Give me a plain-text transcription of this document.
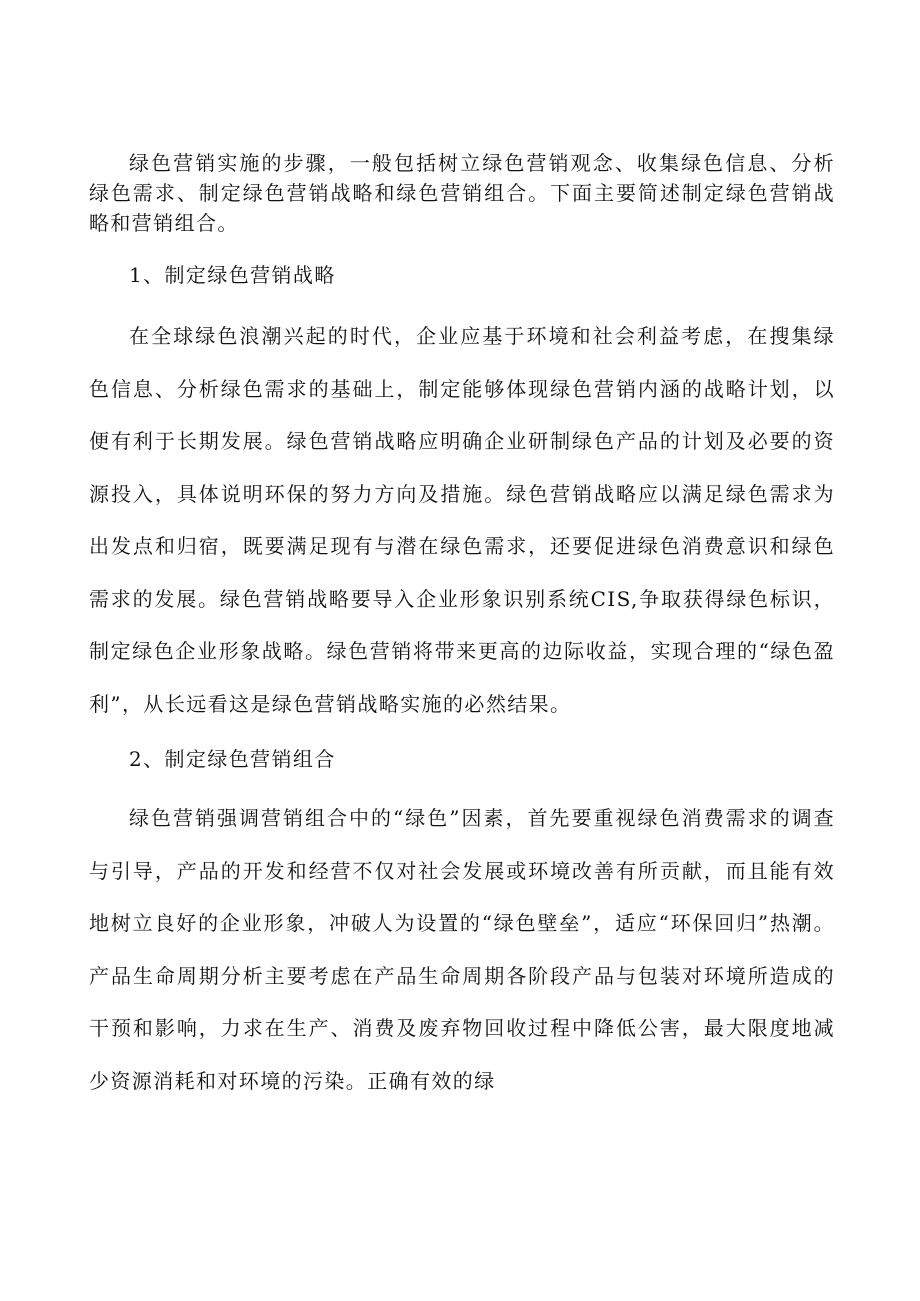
绿色营销实施的步骤，一般包括树立绿色营销观念、收集绿色信息、分析绿色需求、制定绿色营销战略和绿色营销组合。下面主要简述制定绿色营销战略和营销组合。

1、制定绿色营销战略

在全球绿色浪潮兴起的时代，企业应基于环境和社会利益考虑，在搜集绿色信息、分析绿色需求的基础上，制定能够体现绿色营销内涵的战略计划，以便有利于长期发展。绿色营销战略应明确企业研制绿色产品的计划及必要的资源投入，具体说明环保的努力方向及措施。绿色营销战略应以满足绿色需求为出发点和归宿，既要满足现有与潜在绿色需求，还要促进绿色消费意识和绿色需求的发展。绿色营销战略要导入企业形象识别系统CIS,争取获得绿色标识，制定绿色企业形象战略。绿色营销将带来更高的边际收益，实现合理的“绿色盈利”，从长远看这是绿色营销战略实施的必然结果。

2、制定绿色营销组合

绿色营销强调营销组合中的“绿色”因素，首先要重视绿色消费需求的调查与引导，产品的开发和经营不仅对社会发展或环境改善有所贡献，而且能有效地树立良好的企业形象，冲破人为设置的“绿色壁垒”，适应“环保回归”热潮。产品生命周期分析主要考虑在产品生命周期各阶段产品与包装对环境所造成的干预和影响，力求在生产、消费及废弃物回收过程中降低公害，最大限度地减少资源消耗和对环境的污染。正确有效的绿
